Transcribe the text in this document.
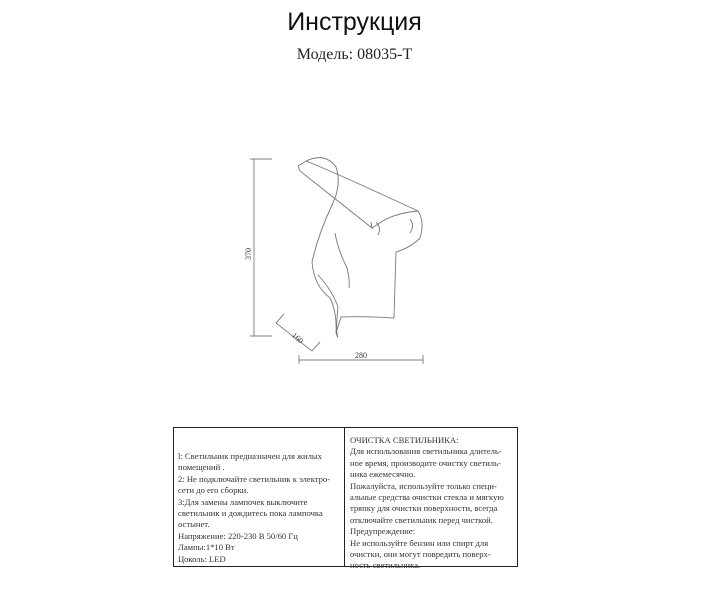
Инструкция
Модель: 08035-Т
370
160
280
l: Светильник предназначен для жилых
помещений .
2: Не подключайте светильник к электро-
сети до его сборки.
3:Для замены лампочек выключите
светильник и дождитесь пока лампочка
остынет.
Напряжение: 220-230 В 50/60 Гц
Лампы:1*10 Вт
Цоколь: LED
ОЧИСТКА СВЕТИЛЬНИКА:
Для использования светильника длитель-
ное время, производите очистку светиль-
ника ежемесячно.
Пожалуйста, используйте только специ-
альные средства очистки стекла и мягкую
тряпку для очистки поверхности, всегда
отключайте светильник перед чисткой.
Предупреждение:
Не используйте бензин или спирт для
очистки, они могут повредить поверх-
ность светильника.
